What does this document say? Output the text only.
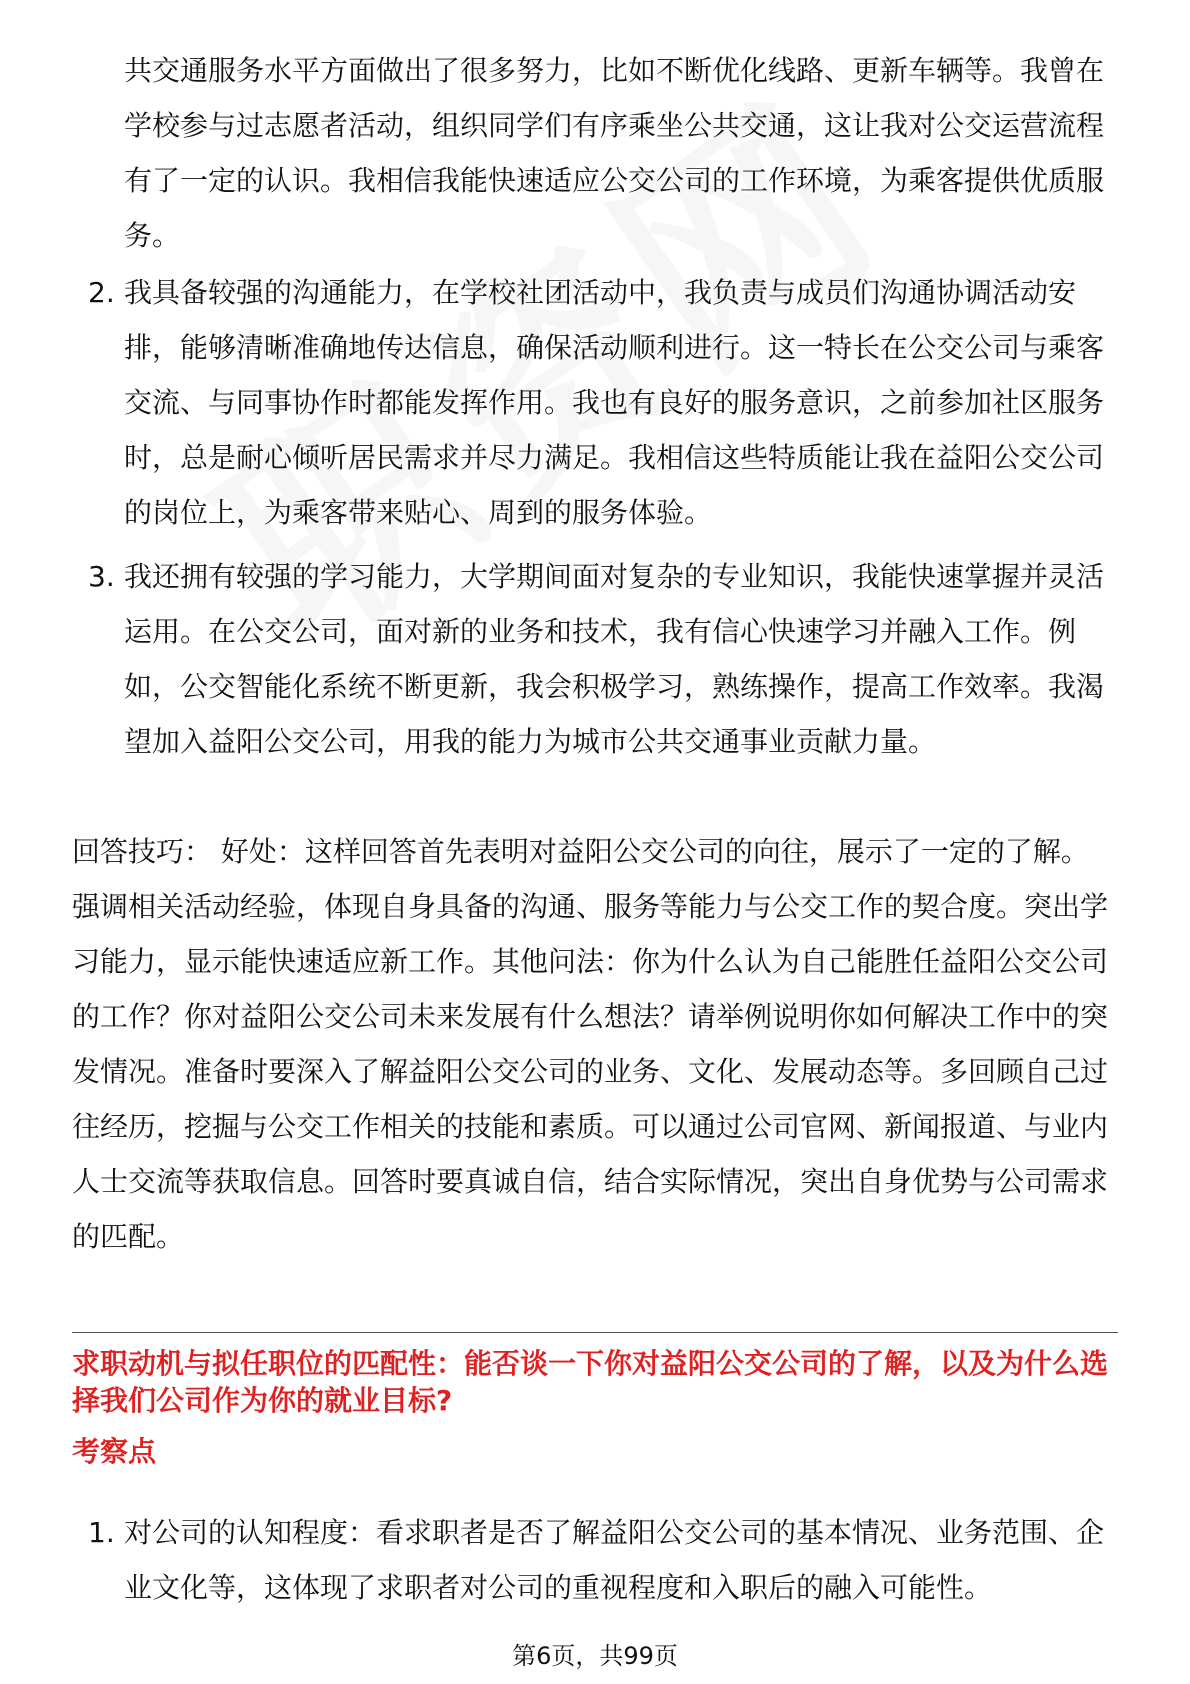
共交通服务水平方面做出了很多努力，比如不断优化线路、更新车辆等。我曾在学校参与过志愿者活动，组织同学们有序乘坐公共交通，这让我对公交运营流程有了一定的认识。我相信我能快速适应公交公司的工作环境，为乘客提供优质服务。

2. 我具备较强的沟通能力，在学校社团活动中，我负责与成员们沟通协调活动安排，能够清晰准确地传达信息，确保活动顺利进行。这一特长在公交公司与乘客交流、与同事协作时都能发挥作用。我也有良好的服务意识，之前参加社区服务时，总是耐心倾听居民需求并尽力满足。我相信这些特质能让我在益阳公交公司的岗位上，为乘客带来贴心、周到的服务体验。
3. 我还拥有较强的学习能力，大学期间面对复杂的专业知识，我能快速掌握并灵活运用。在公交公司，面对新的业务和技术，我有信心快速学习并融入工作。例如，公交智能化系统不断更新，我会积极学习，熟练操作，提高工作效率。我渴望加入益阳公交公司，用我的能力为城市公共交通事业贡献力量。

回答技巧： 好处：这样回答首先表明对益阳公交公司的向往，展示了一定的了解。强调相关活动经验，体现自身具备的沟通、服务等能力与公交工作的契合度。突出学习能力，显示能快速适应新工作。其他问法：你为什么认为自己能胜任益阳公交公司的工作？你对益阳公交公司未来发展有什么想法？请举例说明你如何解决工作中的突发情况。准备时要深入了解益阳公交公司的业务、文化、发展动态等。多回顾自己过往经历，挖掘与公交工作相关的技能和素质。可以通过公司官网、新闻报道、与业内人士交流等获取信息。回答时要真诚自信，结合实际情况，突出自身优势与公司需求的匹配。

求职动机与拟任职位的匹配性：能否谈一下你对益阳公交公司的了解，以及为什么选择我们公司作为你的就业目标?
考察点
1. 对公司的认知程度：看求职者是否了解益阳公交公司的基本情况、业务范围、企业文化等，这体现了求职者对公司的重视程度和入职后的融入可能性。
第6页，共99页
